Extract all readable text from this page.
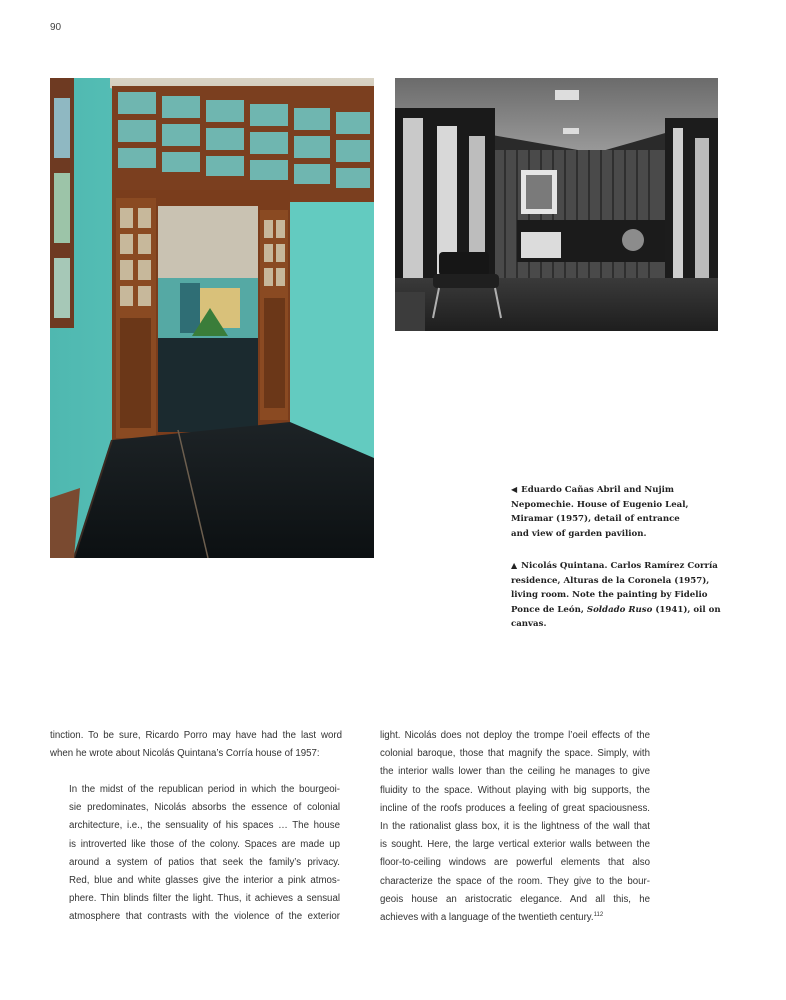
90
◀ Eduardo Cañas Abril and Nujim
Nepomechie. House of Eugenio Leal,
Miramar (1957), detail of entrance
and view of garden pavilion.
▲ Nicolás Quintana. Carlos Ramírez Corría
residence, Alturas de la Coronela (1957),
living room. Note the painting by Fidelio
Ponce de León, Soldado Ruso (1941), oil on
canvas.
tinction. To be sure, Ricardo Porro may have had the last word
when he wrote about Nicolás Quintana’s Corría house of 1957:
In the midst of the republican period in which the bourgeoi-
sie predominates, Nicolás absorbs the essence of colonial
architecture, i.e., the sensuality of his spaces … The house
is introverted like those of the colony. Spaces are made up
around a system of patios that seek the family’s privacy.
Red, blue and white glasses give the interior a pink atmos-
phere. Thin blinds filter the light. Thus, it achieves a sensual
atmosphere that contrasts with the violence of the exterior
light. Nicolás does not deploy the trompe l’oeil effects of the
colonial baroque, those that magnify the space. Simply, with
the interior walls lower than the ceiling he manages to give
fluidity to the space. Without playing with big supports, the
incline of the roofs produces a feeling of great spaciousness.
In the rationalist glass box, it is the lightness of the wall that
is sought. Here, the large vertical exterior walls between the
floor-to-ceiling windows are powerful elements that also
characterize the space of the room. They give to the bour-
geois house an aristocratic elegance. And all this, he
achieves with a language of the twentieth century.$^{112}$
